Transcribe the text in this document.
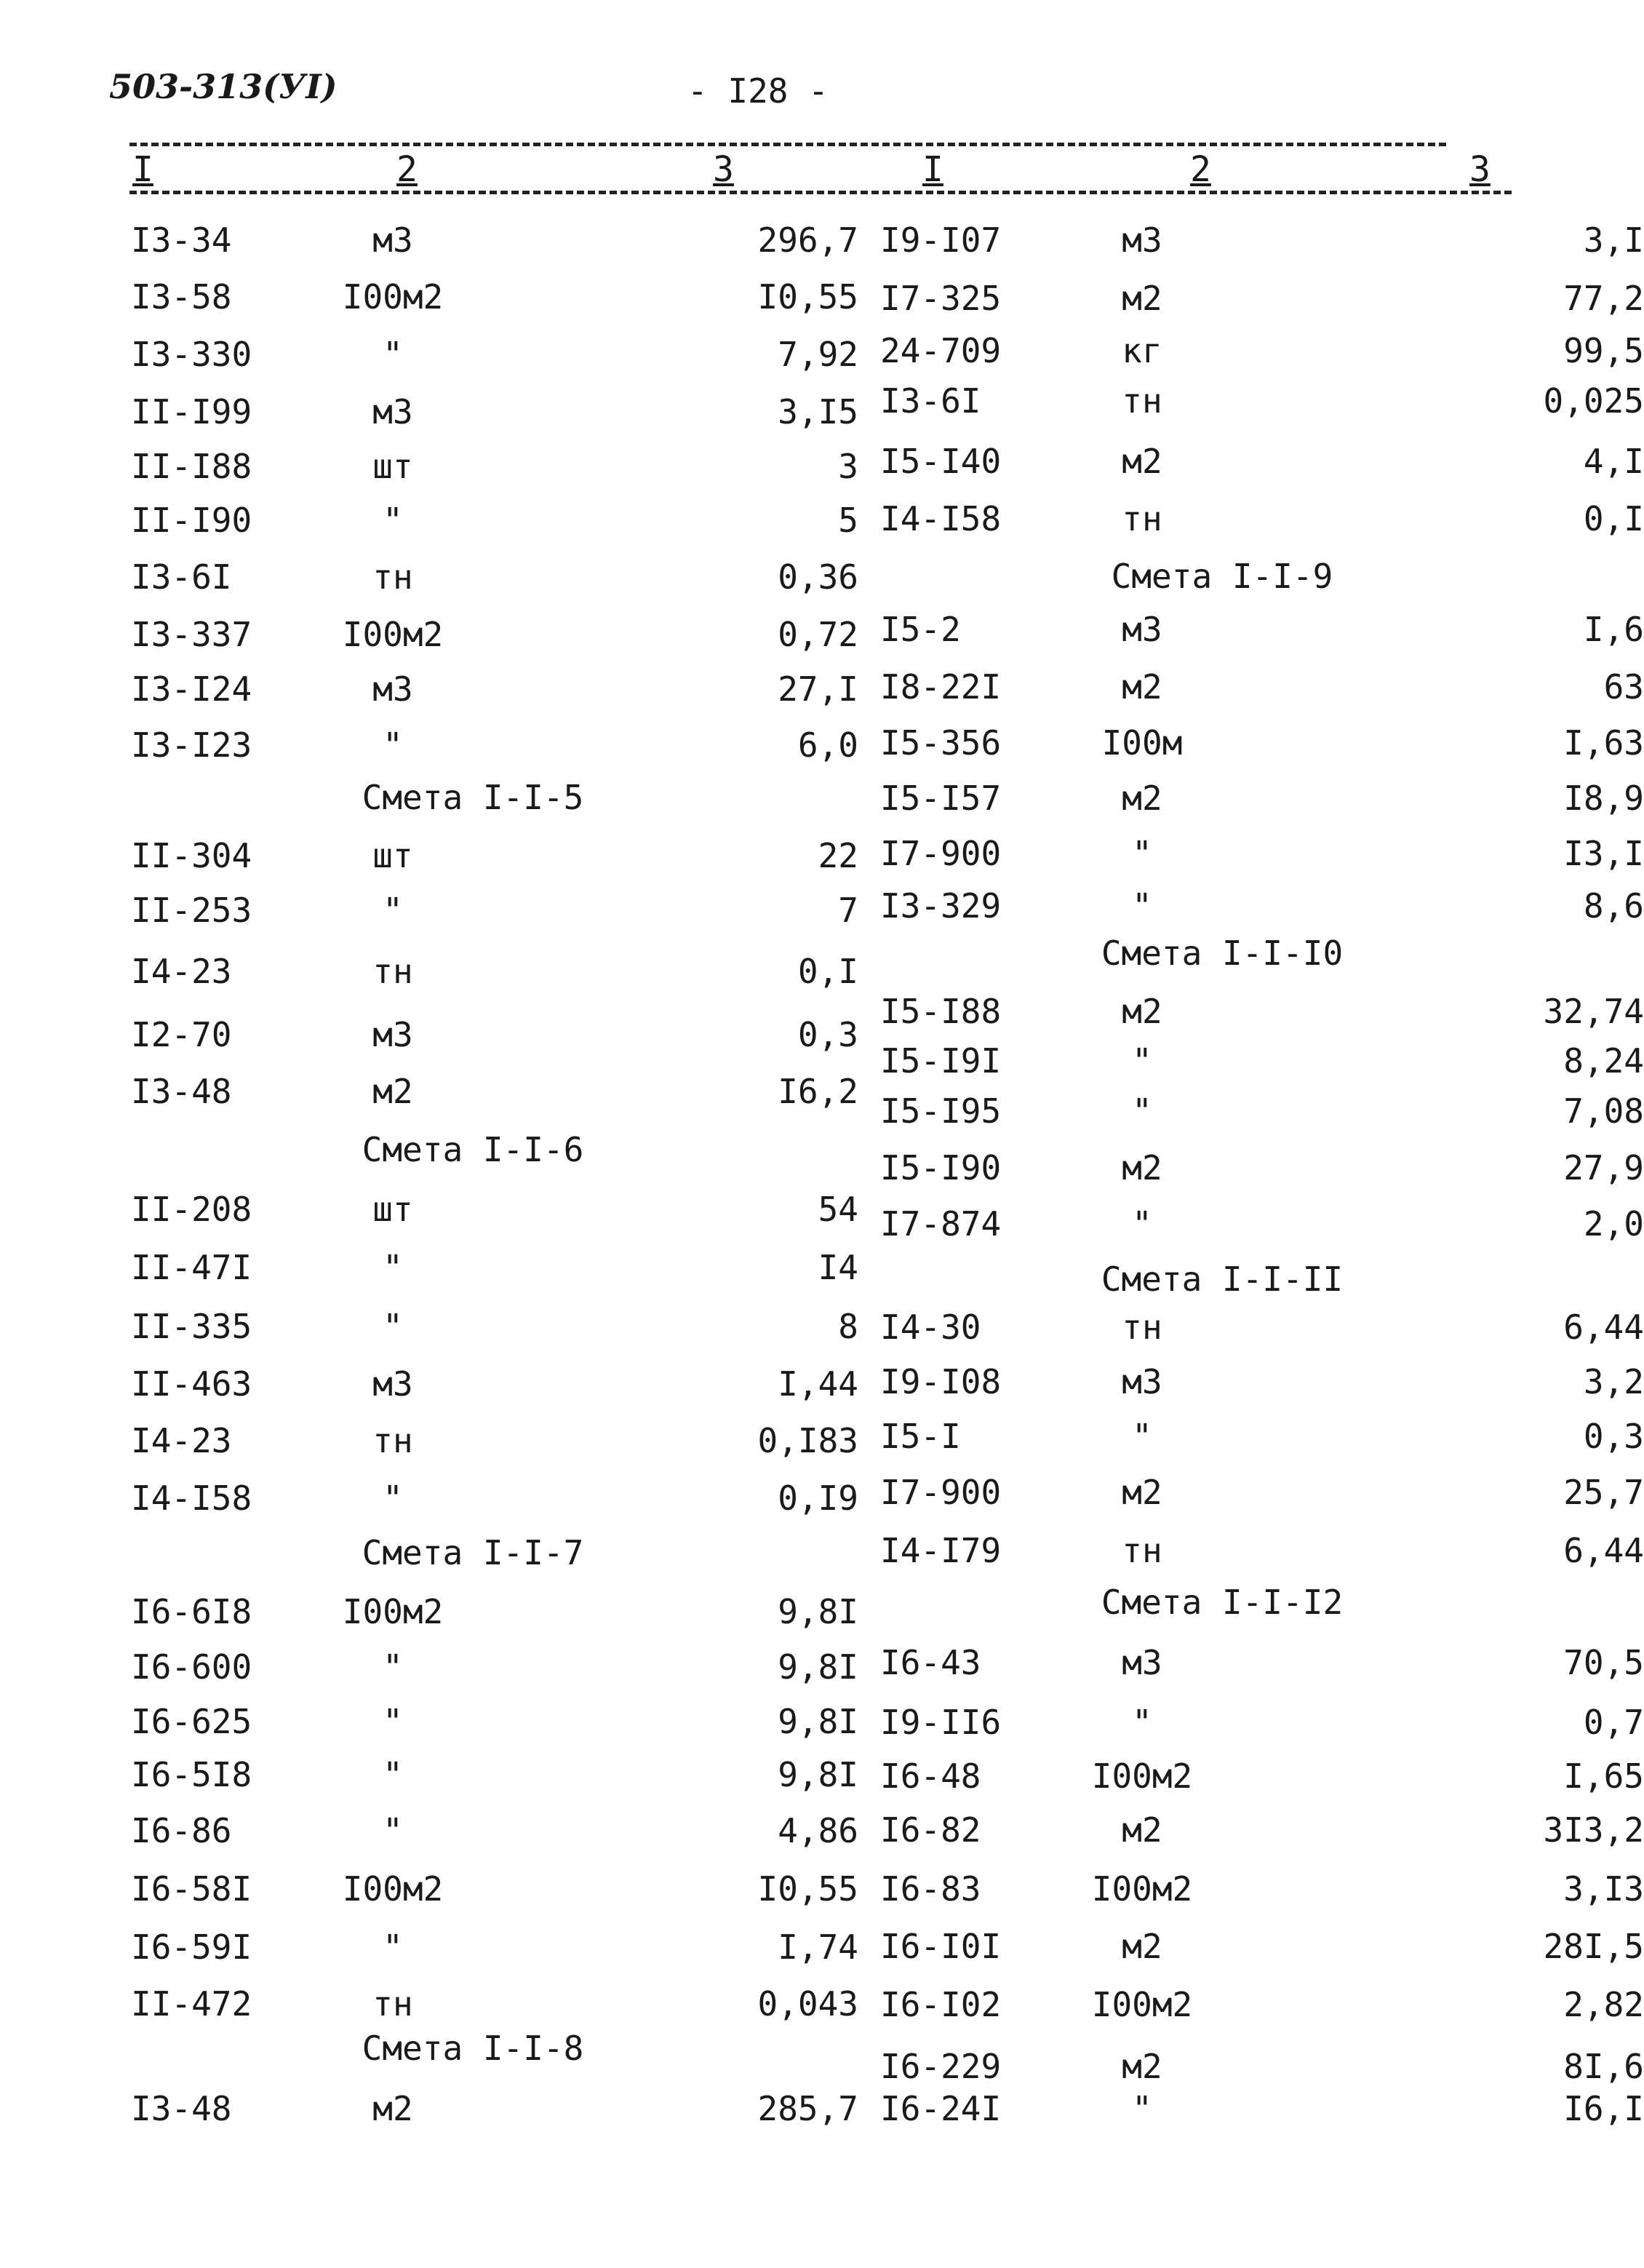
503-313(УI)	- I28 -
I	2	3	I	2	3
I3-34	м3	296,7
I3-58	I00м2	I0,55
I3-330	"	7,92
II-I99	м3	3,I5
II-I88	шт	3
II-I90	"	5
I3-6I	тн	0,36
I3-337	I00м2	0,72
I3-I24	м3	27,I
I3-I23	"	6,0
Смета I-I-5
II-304	шт	22
II-253	"	7
I4-23	тн	0,I
I2-70	м3	0,3
I3-48	м2	I6,2
Смета I-I-6
II-208	шт	54
II-47I	"	I4
II-335	"	8
II-463	м3	I,44
I4-23	тн	0,I83
I4-I58	"	0,I9
Смета I-I-7
I6-6I8	I00м2	9,8I
I6-600	"	9,8I
I6-625	"	9,8I
I6-5I8	"	9,8I
I6-86	"	4,86
I6-58I	I00м2	I0,55
I6-59I	"	I,74
II-472	тн	0,043
Смета I-I-8
I3-48	м2	285,7
I9-I07	м3	3,I
I7-325	м2	77,2
24-709	кг	99,5
I3-6I	тн	0,025
I5-I40	м2	4,I
I4-I58	тн	0,I
Смета I-I-9
I5-2	м3	I,6
I8-22I	м2	63
I5-356	I00м	I,63
I5-I57	м2	I8,9
I7-900	"	I3,I
I3-329	"	8,6
Смета I-I-I0
I5-I88	м2	32,74
I5-I9I	"	8,24
I5-I95	"	7,08
I5-I90	м2	27,9
I7-874	"	2,0
Смета I-I-II
I4-30	тн	6,44
I9-I08	м3	3,2
I5-I	"	0,3
I7-900	м2	25,7
I4-I79	тн	6,44
Смета I-I-I2
I6-43	м3	70,5
I9-II6	"	0,7
I6-48	I00м2	I,65
I6-82	м2	3I3,2
I6-83	I00м2	3,I3
I6-I0I	м2	28I,5
I6-I02	I00м2	2,82
I6-229	м2	8I,6
I6-24I	"	I6,I
